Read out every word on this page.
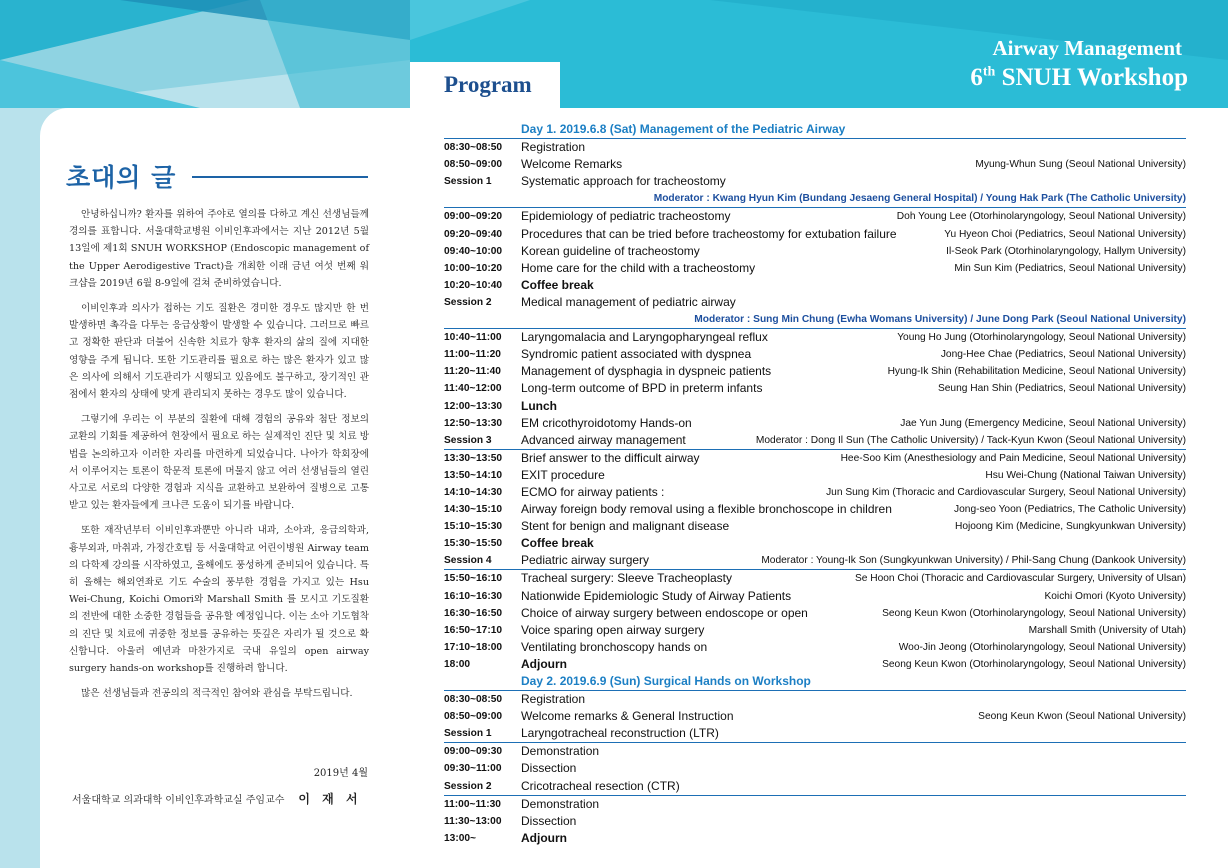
초대의 글

안녕하십니까? 환자를 위하여 주야로 열의를 다하고 계신 선생님들께 경의를 표합니다. 서울대학교병원 이비인후과에서는 지난 2012년 5월 13일에 제1회 SNUH WORKSHOP (Endoscopic management of the Upper Aerodigestive Tract)을 개최한 이래 금년 여섯 번째 워크샵을 2019년 6월 8-9일에 걸쳐 준비하였습니다.

이비인후과 의사가 접하는 기도 질환은 경미한 경우도 많지만 한 번 발생하면 촉각을 다투는 응급상황이 발생할 수 있습니다. 그러므로 빠르고 정확한 판단과 더불어 신속한 치료가 향후 환자의 삶의 질에 지대한 영향을 주게 됩니다. 또한 기도관리를 필요로 하는 많은 환자가 있고 많은 의사에 의해서 기도관리가 시행되고 있음에도 불구하고, 장기적인 관점에서 환자의 상태에 맞게 관리되지 못하는 경우도 많이 있습니다.

그렇기에 우리는 이 부분의 질환에 대해 경험의 공유와 첨단 정보의 교환의 기회를 제공하여 현장에서 필요로 하는 실제적인 진단 및 치료 방법을 논의하고자 이러한 자리를 마련하게 되었습니다. 나아가 학회장에서 이루어지는 토론이 학문적 토론에 머물지 않고 여러 선생님들의 열린 사고로 서로의 다양한 경험과 지식을 교환하고 보완하여 질병으로 고통받고 있는 환자들에게 크나큰 도움이 되기를 바랍니다.

또한 재작년부터 이비인후과뿐만 아니라 내과, 소아과, 응급의학과, 흉부외과, 마취과, 가정간호팀 등 서울대학교 어린이병원 Airway team의 다학제 강의를 시작하였고, 올해에도 풍성하게 준비되어 있습니다. 특히 올해는 해외연좌로 기도 수술의 풍부한 경험을 가지고 있는 Hsu Wei-Chung, Koichi Omori와 Marshall Smith 를 모시고 기도질환의 전반에 대한 소중한 경험들을 공유할 예정입니다. 이는 소아 기도협착의 진단 및 치료에 귀중한 정보를 공유하는 뜻깊은 자리가 될 것으로 확신합니다. 아울러 예년과 마찬가지로 국내 유일의 open airway surgery hands-on workshop를 진행하려 합니다.

많은 선생님들과 전공의의 적극적인 참여와 관심을 부탁드립니다.

2019년 4월
서울대학교 의과대학 이비인후과학교실 주임교수 이 재 서
Program
Airway Management
6th SNUH Workshop
Day 1. 2019.6.8 (Sat) Management of the Pediatric Airway
08:30~08:50	Registration
08:50~09:00	Welcome Remarks	Myung-Whun Sung (Seoul National University)
Session 1	Systematic approach for tracheostomy
Moderator : Kwang Hyun Kim (Bundang Jesaeng General Hospital) / Young Hak Park (The Catholic University)
09:00~09:20	Epidemiology of pediatric tracheostomy	Doh Young Lee (Otorhinolaryngology, Seoul National University)
09:20~09:40	Procedures that can be tried before tracheostomy for extubation failure	Yu Hyeon Choi (Pediatrics, Seoul National University)
09:40~10:00	Korean guideline of tracheostomy	Il-Seok Park (Otorhinolaryngology, Hallym University)
10:00~10:20	Home care for the child with a tracheostomy	Min Sun Kim (Pediatrics, Seoul National University)
10:20~10:40	Coffee break
Session 2	Medical management of pediatric airway
Moderator : Sung Min Chung (Ewha Womans University) / June Dong Park (Seoul National University)
10:40~11:00	Laryngomalacia and Laryngopharyngeal reflux	Young Ho Jung (Otorhinolaryngology, Seoul National University)
11:00~11:20	Syndromic patient associated with dyspnea	Jong-Hee Chae (Pediatrics, Seoul National University)
11:20~11:40	Management of dysphagia in dyspneic patients	Hyung-Ik Shin (Rehabilitation Medicine, Seoul National University)
11:40~12:00	Long-term outcome of BPD in preterm infants	Seung Han Shin (Pediatrics, Seoul National University)
12:00~13:30	Lunch
12:50~13:30	EM cricothyroidotomy Hands-on	Jae Yun Jung (Emergency Medicine, Seoul National University)
Session 3	Advanced airway management	Moderator : Dong Il Sun (The Catholic University) / Tack-Kyun Kwon (Seoul National University)
13:30~13:50	Brief answer to the difficult airway	Hee-Soo Kim (Anesthesiology and Pain Medicine, Seoul National University)
13:50~14:10	EXIT procedure	Hsu Wei-Chung (National Taiwan University)
14:10~14:30	ECMO for airway patients :	Jun Sung Kim (Thoracic and Cardiovascular Surgery, Seoul National University)
14:30~15:10	Airway foreign body removal using a flexible bronchoscope in children	Jong-seo Yoon (Pediatrics, The Catholic University)
15:10~15:30	Stent for benign and malignant disease	Hojoong Kim (Medicine, Sungkyunkwan University)
15:30~15:50	Coffee break
Session 4	Pediatric airway surgery	Moderator : Young-Ik Son (Sungkyunkwan University) / Phil-Sang Chung (Dankook University)
15:50~16:10	Tracheal surgery: Sleeve Tracheoplasty	Se Hoon Choi (Thoracic and Cardiovascular Surgery, University of Ulsan)
16:10~16:30	Nationwide Epidemiologic Study of Airway Patients	Koichi Omori (Kyoto University)
16:30~16:50	Choice of airway surgery between endoscope or open	Seong Keun Kwon (Otorhinolaryngology, Seoul National University)
16:50~17:10	Voice sparing open airway surgery	Marshall Smith (University of Utah)
17:10~18:00	Ventilating bronchoscopy hands on	Woo-Jin Jeong (Otorhinolaryngology, Seoul National University)
18:00	Adjourn	Seong Keun Kwon (Otorhinolaryngology, Seoul National University)
Day 2. 2019.6.9 (Sun) Surgical Hands on Workshop
08:30~08:50	Registration
08:50~09:00	Welcome remarks & General Instruction	Seong Keun Kwon (Seoul National University)
Session 1	Laryngotracheal reconstruction (LTR)
09:00~09:30	Demonstration
09:30~11:00	Dissection
Session 2	Cricotracheal resection (CTR)
11:00~11:30	Demonstration
11:30~13:00	Dissection
13:00~	Adjourn
